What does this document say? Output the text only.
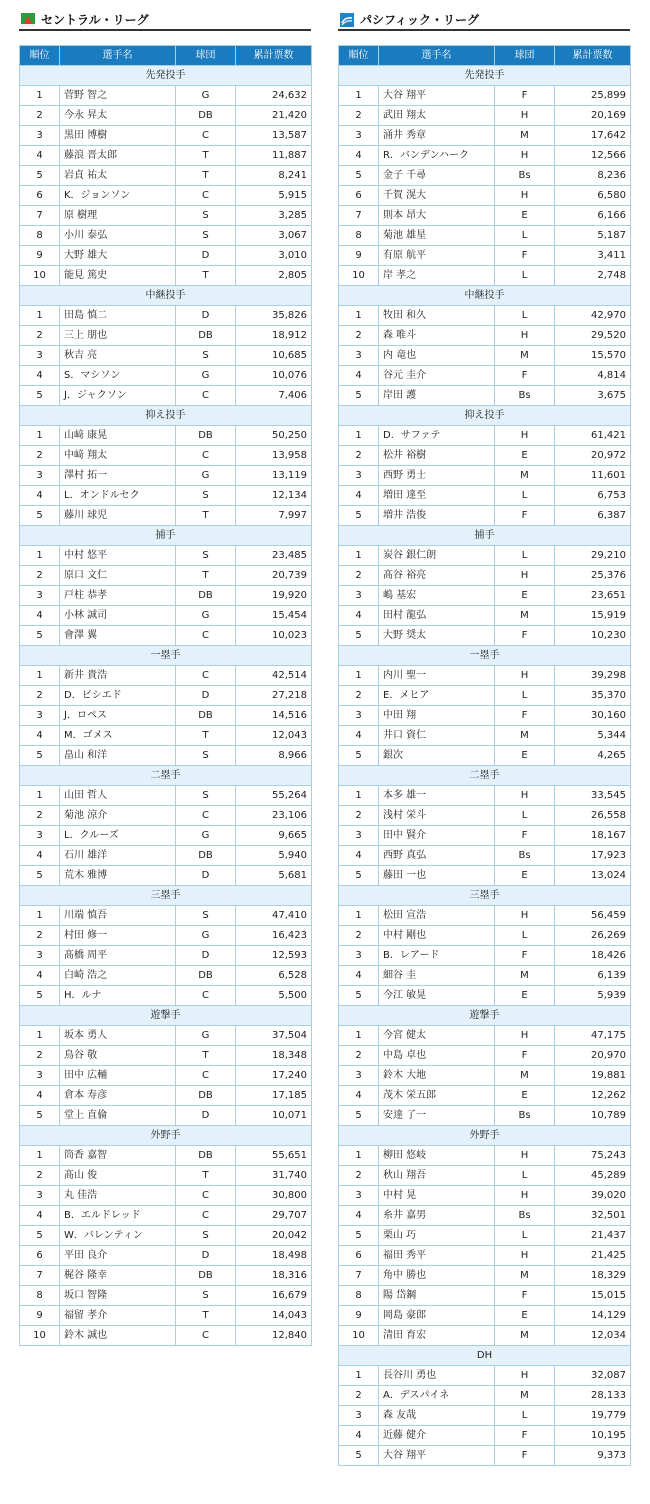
セントラル・リーグ
順位	選手名	球団	累計票数
先発投手			
1	菅野 智之	G	24,632
2	今永 昇太	DB	21,420
3	黒田 博樹	C	13,587
4	藤浪 晋太郎	T	11,887
5	岩貞 祐太	T	8,241
6	K．ジョンソン	C	5,915
7	原 樹理	S	3,285
8	小川 泰弘	S	3,067
9	大野 雄大	D	3,010
10	能見 篤史	T	2,805
中継投手			
1	田島 慎二	D	35,826
2	三上 朋也	DB	18,912
3	秋吉 亮	S	10,685
4	S．マシソン	G	10,076
5	J．ジャクソン	C	7,406
抑え投手			
1	山﨑 康晃	DB	50,250
2	中﨑 翔太	C	13,958
3	澤村 拓一	G	13,119
4	L．オンドルセク	S	12,134
5	藤川 球児	T	7,997
捕手			
1	中村 悠平	S	23,485
2	原口 文仁	T	20,739
3	戸柱 恭孝	DB	19,920
4	小林 誠司	G	15,454
5	會澤 翼	C	10,023
一塁手			
1	新井 貴浩	C	42,514
2	D．ビシエド	D	27,218
3	J．ロペス	DB	14,516
4	M．ゴメス	T	12,043
5	畠山 和洋	S	8,966
二塁手			
1	山田 哲人	S	55,264
2	菊池 涼介	C	23,106
3	L．クルーズ	G	9,665
4	石川 雄洋	DB	5,940
5	荒木 雅博	D	5,681
三塁手			
1	川端 慎吾	S	47,410
2	村田 修一	G	16,423
3	髙橋 周平	D	12,593
4	白崎 浩之	DB	6,528
5	H．ルナ	C	5,500
遊撃手			
1	坂本 勇人	G	37,504
2	鳥谷 敬	T	18,348
3	田中 広輔	C	17,240
4	倉本 寿彦	DB	17,185
5	堂上 直倫	D	10,071
外野手			
1	筒香 嘉智	DB	55,651
2	髙山 俊	T	31,740
3	丸 佳浩	C	30,800
4	B．エルドレッド	C	29,707
5	W．バレンティン	S	20,042
6	平田 良介	D	18,498
7	梶谷 隆幸	DB	18,316
8	坂口 智隆	S	16,679
9	福留 孝介	T	14,043
10	鈴木 誠也	C	12,840
パシフィック・リーグ
順位	選手名	球団	累計票数
先発投手			
1	大谷 翔平	F	25,899
2	武田 翔太	H	20,169
3	涌井 秀章	M	17,642
4	R．バンデンハーク	H	12,566
5	金子 千尋	Bs	8,236
6	千賀 滉大	H	6,580
7	則本 昂大	E	6,166
8	菊池 雄星	L	5,187
9	有原 航平	F	3,411
10	岸 孝之	L	2,748
中継投手			
1	牧田 和久	L	42,970
2	森 唯斗	H	29,520
3	内 竜也	M	15,570
4	谷元 圭介	F	4,814
5	岸田 護	Bs	3,675
抑え投手			
1	D．サファテ	H	61,421
2	松井 裕樹	E	20,972
3	西野 勇士	M	11,601
4	増田 達至	L	6,753
5	増井 浩俊	F	6,387
捕手			
1	炭谷 銀仁朗	L	29,210
2	髙谷 裕亮	H	25,376
3	嶋 基宏	E	23,651
4	田村 龍弘	M	15,919
5	大野 奨太	F	10,230
一塁手			
1	内川 聖一	H	39,298
2	E．メヒア	L	35,370
3	中田 翔	F	30,160
4	井口 資仁	M	5,344
5	銀次	E	4,265
二塁手			
1	本多 雄一	H	33,545
2	浅村 栄斗	L	26,558
3	田中 賢介	F	18,167
4	西野 真弘	Bs	17,923
5	藤田 一也	E	13,024
三塁手			
1	松田 宣浩	H	56,459
2	中村 剛也	L	26,269
3	B．レアード	F	18,426
4	細谷 圭	M	6,139
5	今江 敏晃	E	5,939
遊撃手			
1	今宮 健太	H	47,175
2	中島 卓也	F	20,970
3	鈴木 大地	M	19,881
4	茂木 栄五郎	E	12,262
5	安達 了一	Bs	10,789
外野手			
1	柳田 悠岐	H	75,243
2	秋山 翔吾	L	45,289
3	中村 晃	H	39,020
4	糸井 嘉男	Bs	32,501
5	栗山 巧	L	21,437
6	福田 秀平	H	21,425
7	角中 勝也	M	18,329
8	陽 岱鋼	F	15,015
9	岡島 豪郎	E	14,129
10	清田 育宏	M	12,034
DH			
1	長谷川 勇也	H	32,087
2	A．デスパイネ	M	28,133
3	森 友哉	L	19,779
4	近藤 健介	F	10,195
5	大谷 翔平	F	9,373
